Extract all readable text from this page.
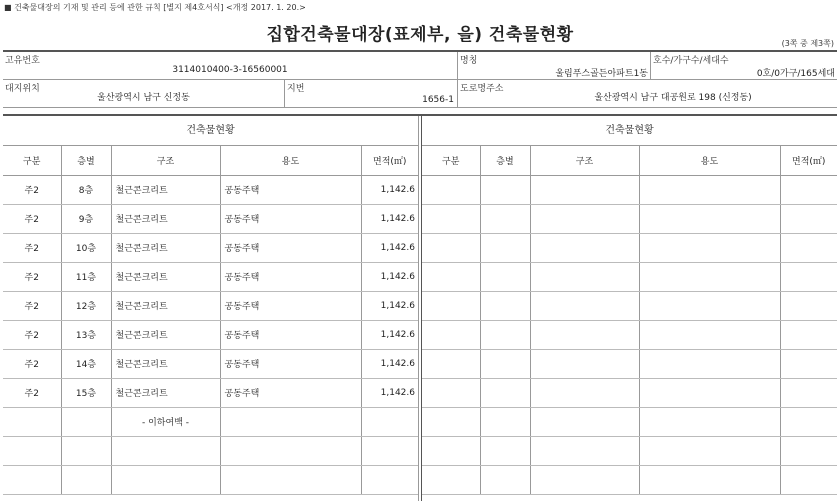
■ 건축물대장의 기재 및 관리 등에 관한 규칙 [별지 제4호서식] <개정 2017. 1. 20.>
집합건축물대장(표제부, 을) 건축물현황	(3쪽 중 제3쪽)
고유번호
3114010400-3-16560001
명칭
울림푸스골든아파트1동
호수/가구수/세대수
0호/0가구/165세대
대지위치
울산광역시 남구 신정동
지번
1656-1
도로명주소
울산광역시 남구 대공원로 198 (신정동)
건축물현황
구분	층별	구조	용도	면적(㎡)
주2	8층	철근콘크리트	공동주택	1,142.6
주2	9층	철근콘크리트	공동주택	1,142.6
주2	10층	철근콘크리트	공동주택	1,142.6
주2	11층	철근콘크리트	공동주택	1,142.6
주2	12층	철근콘크리트	공동주택	1,142.6
주2	13층	철근콘크리트	공동주택	1,142.6
주2	14층	철근콘크리트	공동주택	1,142.6
주2	15층	철근콘크리트	공동주택	1,142.6
		- 이하여백 -		

건축물현황
구분	층별	구조	용도	면적(㎡)
